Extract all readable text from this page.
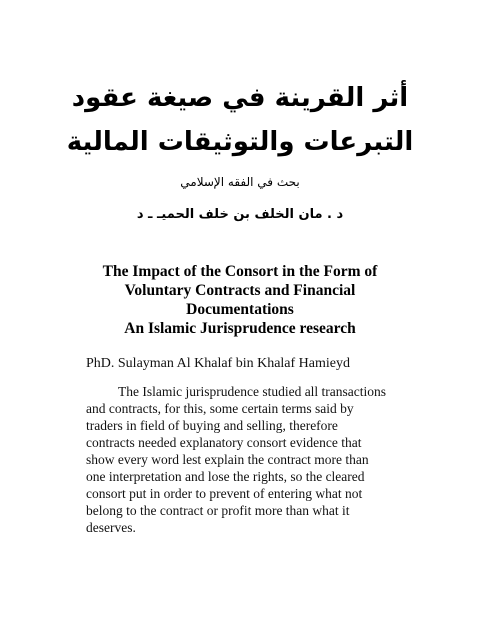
أثر القرينة في صيغة عقود
التبرعات والتوثيقات المالية
بحث في الفقه الإسلامي
د . مان الخلف بن خلف الحميـ ـ د
The Impact of the Consort in the Form of
Voluntary Contracts and Financial
Documentations
An Islamic Jurisprudence research
PhD. Sulayman Al Khalaf bin Khalaf Hamieyd
The Islamic jurisprudence studied all transactions
and contracts, for this, some certain terms said by
traders in field of buying and selling, therefore
contracts needed explanatory consort evidence that
show every word lest explain the contract more than
one interpretation and lose the rights, so the cleared
consort put in order to prevent of entering what not
belong to the contract or profit more than what it
deserves.
